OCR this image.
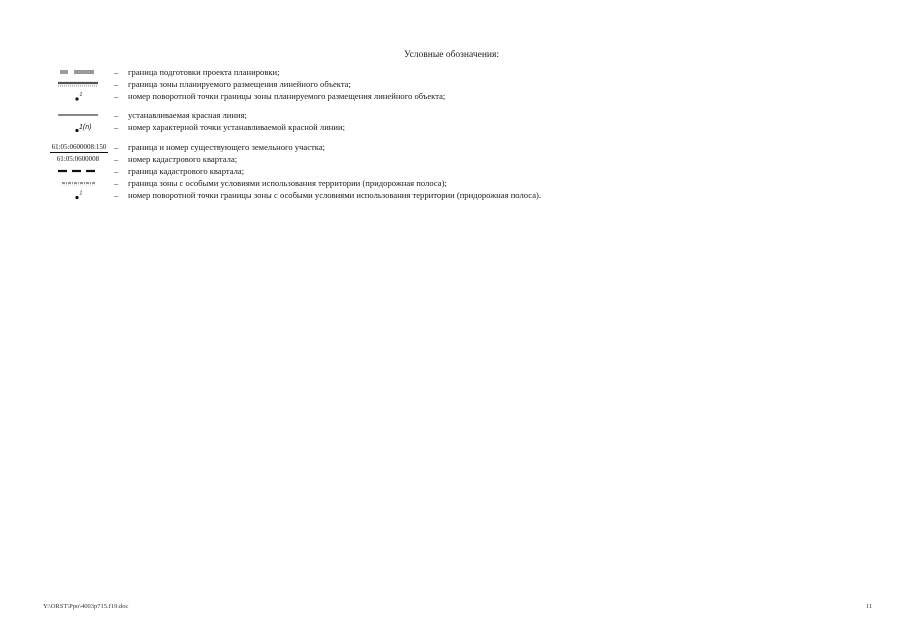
Условные обозначения:
– граница подготовки проекта планировки;
– граница зоны планируемого размещения линейного объекта;
1	– номер поворотной точки границы зоны планируемого размещения линейного объекта;
– устанавливаемая красная линия;
1(n)	– номер характерной точки устанавливаемой красной линии;
61:05:0600008:150 – граница и номер существующего земельного участка;
61:05:0600008	– номер кадастрового квартала;
– граница кадастрового квартала;
– граница зоны с особыми условиями использования территории (придорожная полоса);
1	– номер поворотной точки границы зоны с особыми условиями использования территории (придорожная полоса).
Y:\ORST\Ppo\4003p715.f19.doc	11
